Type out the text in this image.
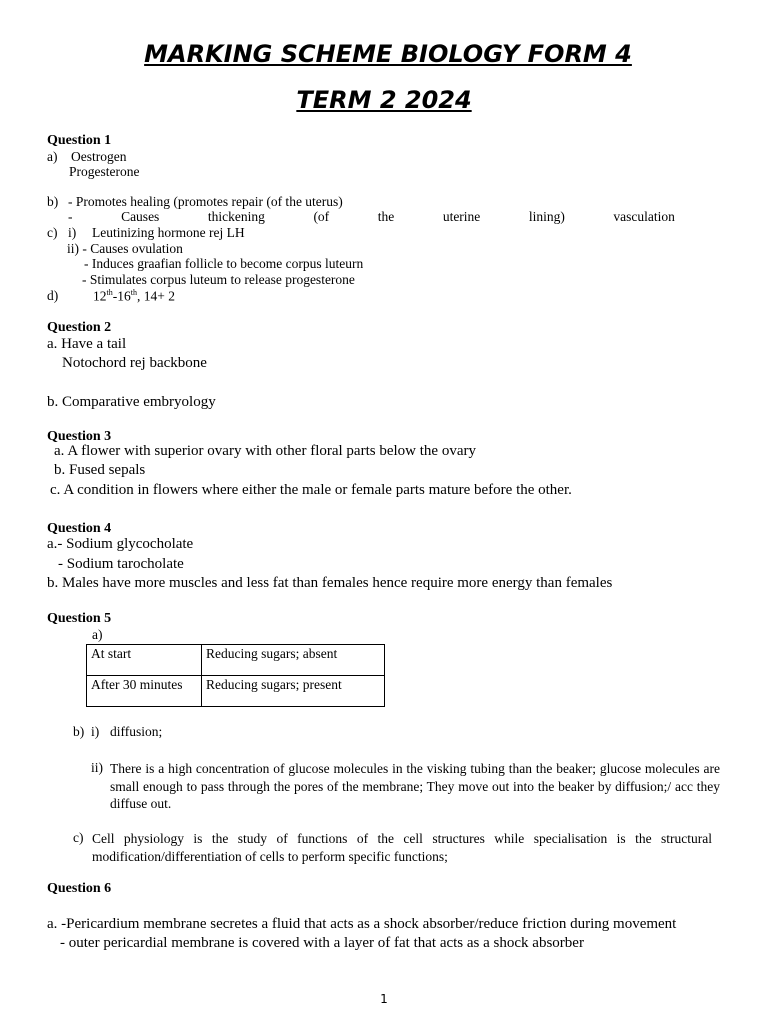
MARKING SCHEME BIOLOGY FORM 4
TERM 2 2024
Question 1
a) Oestrogen
Progesterone
b) - Promotes healing (promotes repair (of the uterus)
-	Causes	thickening	(of	the	uterine	lining)	vasculation
c) i) Leutinizing hormone rej LH
ii) - Causes ovulation
- Induces graafian follicle to become corpus luteurn
- Stimulates corpus luteum to release progesterone
d)	12th-16th, 14+ 2
Question 2
a. Have a tail
Notochord rej backbone
b. Comparative embryology
Question 3
a. A flower with superior ovary with other floral parts below the ovary
b. Fused sepals
c. A condition in flowers where either the male or female parts mature before the other.
Question 4
a.- Sodium glycocholate
- Sodium tarocholate
b. Males have more muscles and less fat than females hence require more energy than females
Question 5
a)
At start	Reducing sugars; absent
After 30 minutes	Reducing sugars; present
b) i) diffusion;
ii) There is a high concentration of glucose molecules in the visking tubing than the beaker; glucose molecules are small enough to pass through the pores of the membrane; They move out into the beaker by diffusion;/ acc they diffuse out.
c) Cell physiology is the study of functions of the cell structures while specialisation is the structural modification/differentiation of cells to perform specific functions;
Question 6
a. -Pericardium membrane secretes a fluid that acts as a shock absorber/reduce friction during movement
- outer pericardial membrane is covered with a layer of fat that acts as a shock absorber
1
